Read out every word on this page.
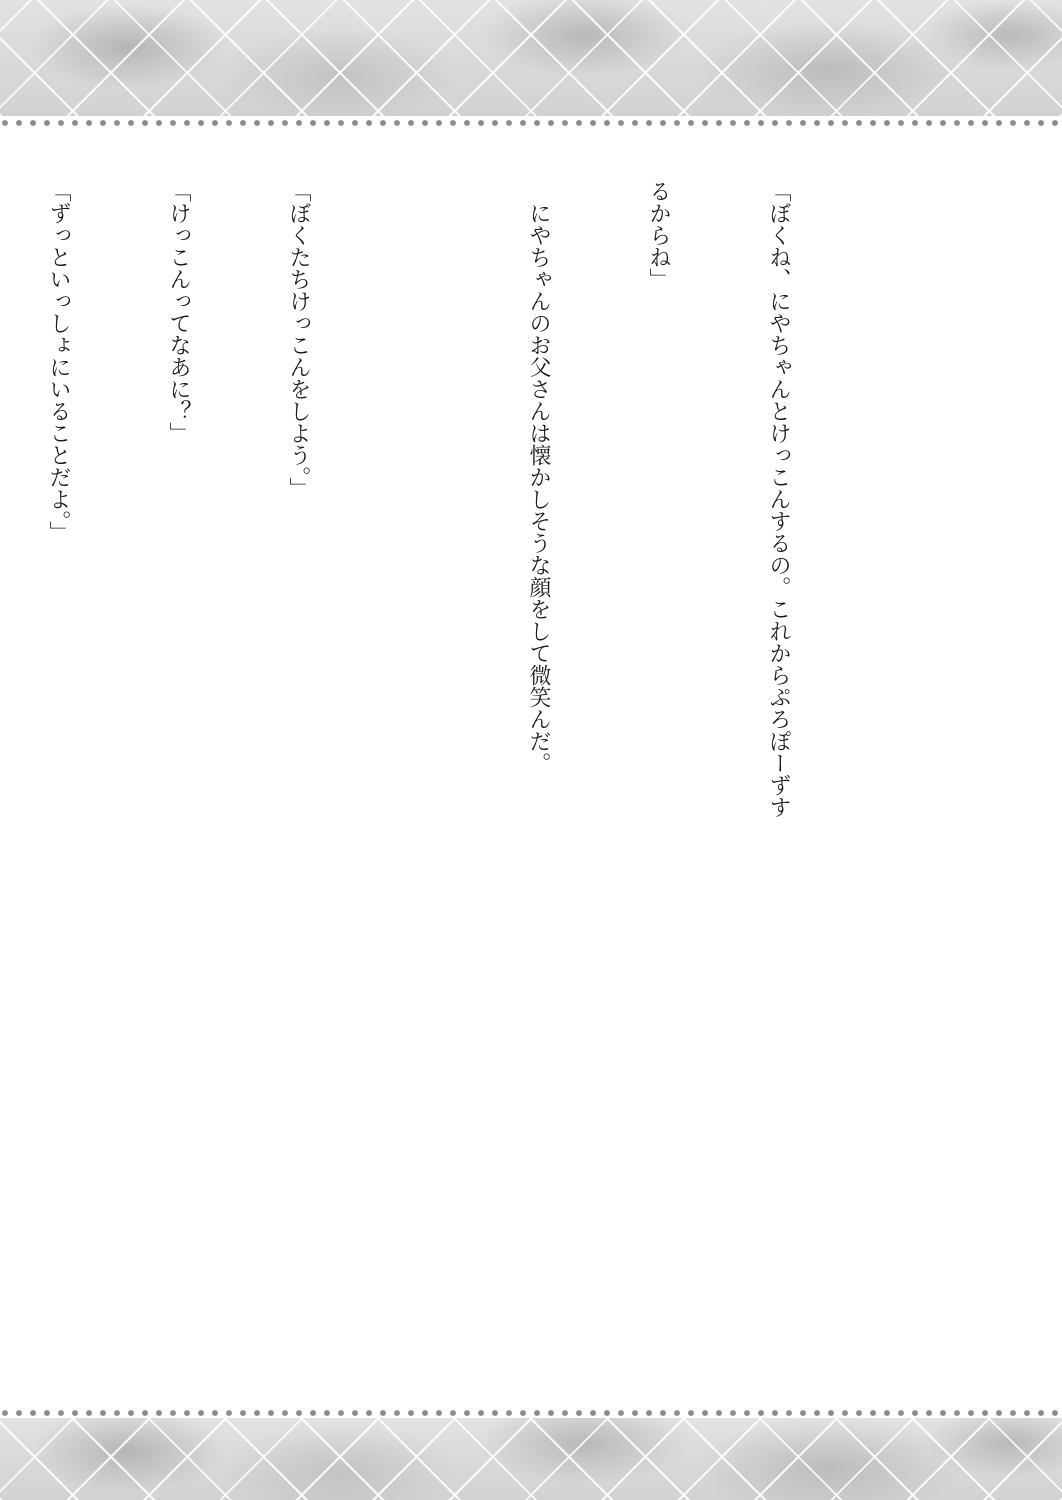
「ぼくね、にやちゃんとけっこんするの。これからぷろぽーずす

るからね」

　にやちゃんのお父さんは懐かしそうな顔をして微笑んだ。

「ぼくたちけっこんをしよう。」

「けっこんってなあに？」

「ずっといっしょにいることだよ。」
